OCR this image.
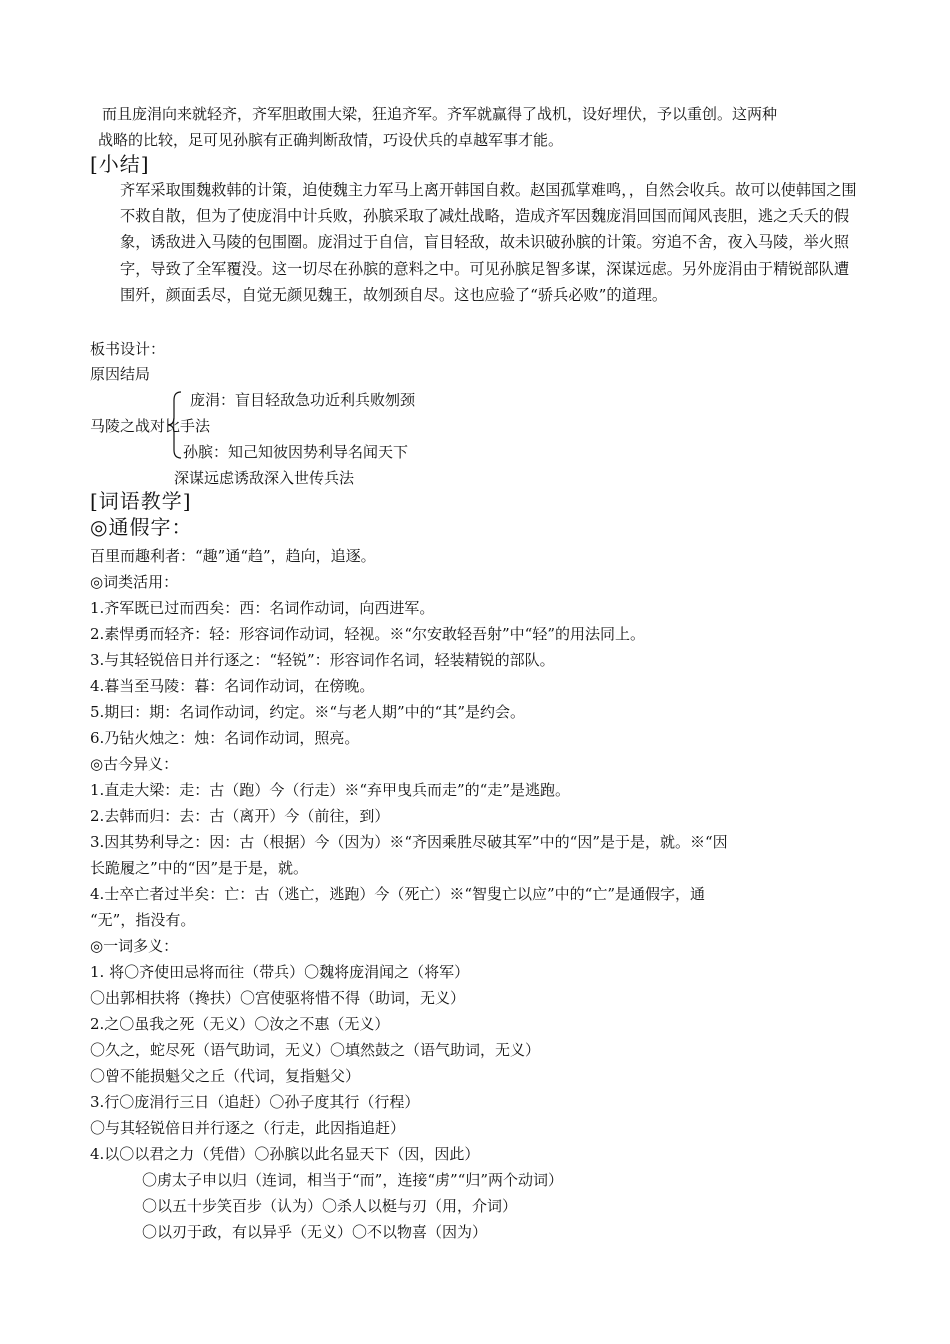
而且庞涓向来就轻齐，齐军胆敢围大梁，狂追齐军。齐军就赢得了战机，设好埋伏，予以重创。这两种
战略的比较，足可见孙膑有正确判断敌情，巧设伏兵的卓越军事才能。
[小结]
齐军采取围魏救韩的计策，迫使魏主力军马上离开韩国自救。赵国孤掌难鸣，，自然会收兵。故可以使韩国之围不救自散，但为了使庞涓中计兵败，孙膑采取了减灶战略，造成齐军因魏庞涓回国而闻风丧胆，逃之夭夭的假象，诱敌进入马陵的包围圈。庞涓过于自信，盲目轻敌，故未识破孙膑的计策。穷追不舍，夜入马陵，举火照字，导致了全军覆没。这一切尽在孙膑的意料之中。可见孙膑足智多谋，深谋远虑。另外庞涓由于精锐部队遭围歼，颜面丢尽，自觉无颜见魏王，故刎颈自尽。这也应验了“骄兵必败”的道理。
板书设计：
原因结局
庞涓：盲目轻敌急功近利兵败刎颈
马陵之战对比手法
孙膑：知己知彼因势利导名闻天下
深谋远虑诱敌深入世传兵法
[词语教学]
◎通假字：
百里而趣利者：“趣”通“趋”，趋向，追逐。
◎词类活用：
1.齐军既已过而西矣：西：名词作动词，向西进军。
2.素悍勇而轻齐：轻：形容词作动词，轻视。※“尔安敢轻吾射”中“轻”的用法同上。
3.与其轻锐倍日并行逐之：“轻锐”：形容词作名词，轻装精锐的部队。
4.暮当至马陵：暮：名词作动词，在傍晚。
5.期曰：期：名词作动词，约定。※“与老人期”中的“其”是约会。
6.乃钻火烛之：烛：名词作动词，照亮。
◎古今异义：
1.直走大梁：走：古（跑）今（行走）※“弃甲曳兵而走”的“走”是逃跑。
2.去韩而归：去：古（离开）今（前往，到）
3.因其势利导之：因：古（根据）今（因为）※“齐因乘胜尽破其军”中的“因”是于是，就。※“因
长跪履之”中的“因”是于是，就。
4.士卒亡者过半矣：亡：古（逃亡，逃跑）今（死亡）※“智叟亡以应”中的“亡”是通假字，通
“无”，指没有。
◎一词多义：
1. 将〇齐使田忌将而往（带兵）〇魏将庞涓闻之（将军）
〇出郭相扶将（搀扶）〇宫使驱将惜不得（助词，无义）
2.之〇虽我之死（无义）〇汝之不惠（无义）
〇久之，蛇尽死（语气助词，无义）〇填然鼓之（语气助词，无义）
〇曾不能损魁父之丘（代词，复指魁父）
3.行〇庞涓行三日（追赶）〇孙子度其行（行程）
〇与其轻锐倍日并行逐之（行走，此因指追赶）
4.以〇以君之力（凭借）〇孙膑以此名显天下（因，因此）
〇虏太子申以归（连词，相当于“而”，连接“虏”“归”两个动词）
〇以五十步笑百步（认为）〇杀人以梃与刃（用，介词）
〇以刃于政，有以异乎（无义）〇不以物喜（因为）
